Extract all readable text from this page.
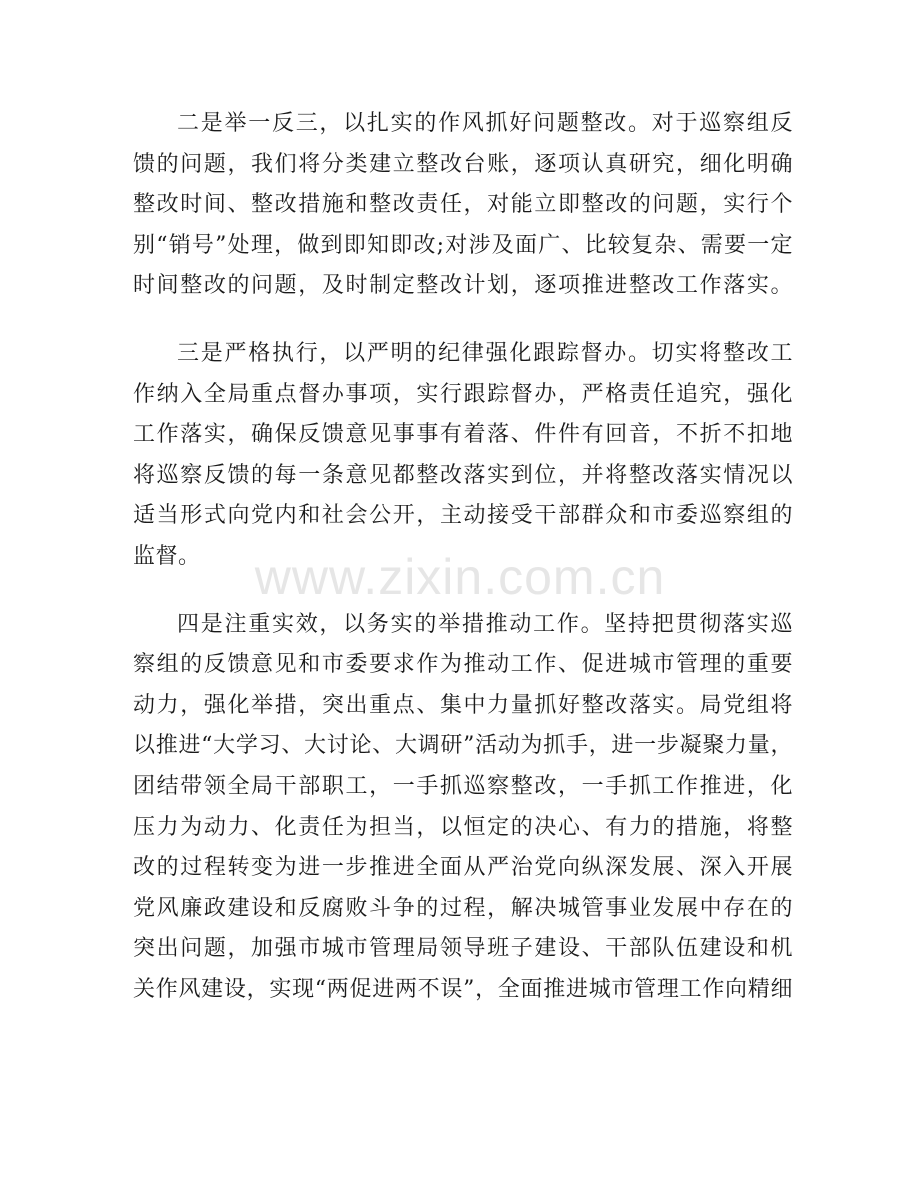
二是举一反三，以扎实的作风抓好问题整改。对于巡察组反
馈的问题，我们将分类建立整改台账，逐项认真研究，细化明确
整改时间、整改措施和整改责任，对能立即整改的问题，实行个
别“销号”处理，做到即知即改;对涉及面广、比较复杂、需要一定
时间整改的问题，及时制定整改计划，逐项推进整改工作落实。
三是严格执行，以严明的纪律强化跟踪督办。切实将整改工
作纳入全局重点督办事项，实行跟踪督办，严格责任追究，强化
工作落实，确保反馈意见事事有着落、件件有回音，不折不扣地
将巡察反馈的每一条意见都整改落实到位，并将整改落实情况以
适当形式向党内和社会公开，主动接受干部群众和市委巡察组的
监督。
四是注重实效，以务实的举措推动工作。坚持把贯彻落实巡
察组的反馈意见和市委要求作为推动工作、促进城市管理的重要
动力，强化举措，突出重点、集中力量抓好整改落实。局党组将
以推进“大学习、大讨论、大调研”活动为抓手，进一步凝聚力量，
团结带领全局干部职工，一手抓巡察整改，一手抓工作推进，化
压力为动力、化责任为担当，以恒定的决心、有力的措施，将整
改的过程转变为进一步推进全面从严治党向纵深发展、深入开展
党风廉政建设和反腐败斗争的过程，解决城管事业发展中存在的
突出问题，加强市城市管理局领导班子建设、干部队伍建设和机
关作风建设，实现“两促进两不误”，全面推进城市管理工作向精细
www.zixin.com.cn
